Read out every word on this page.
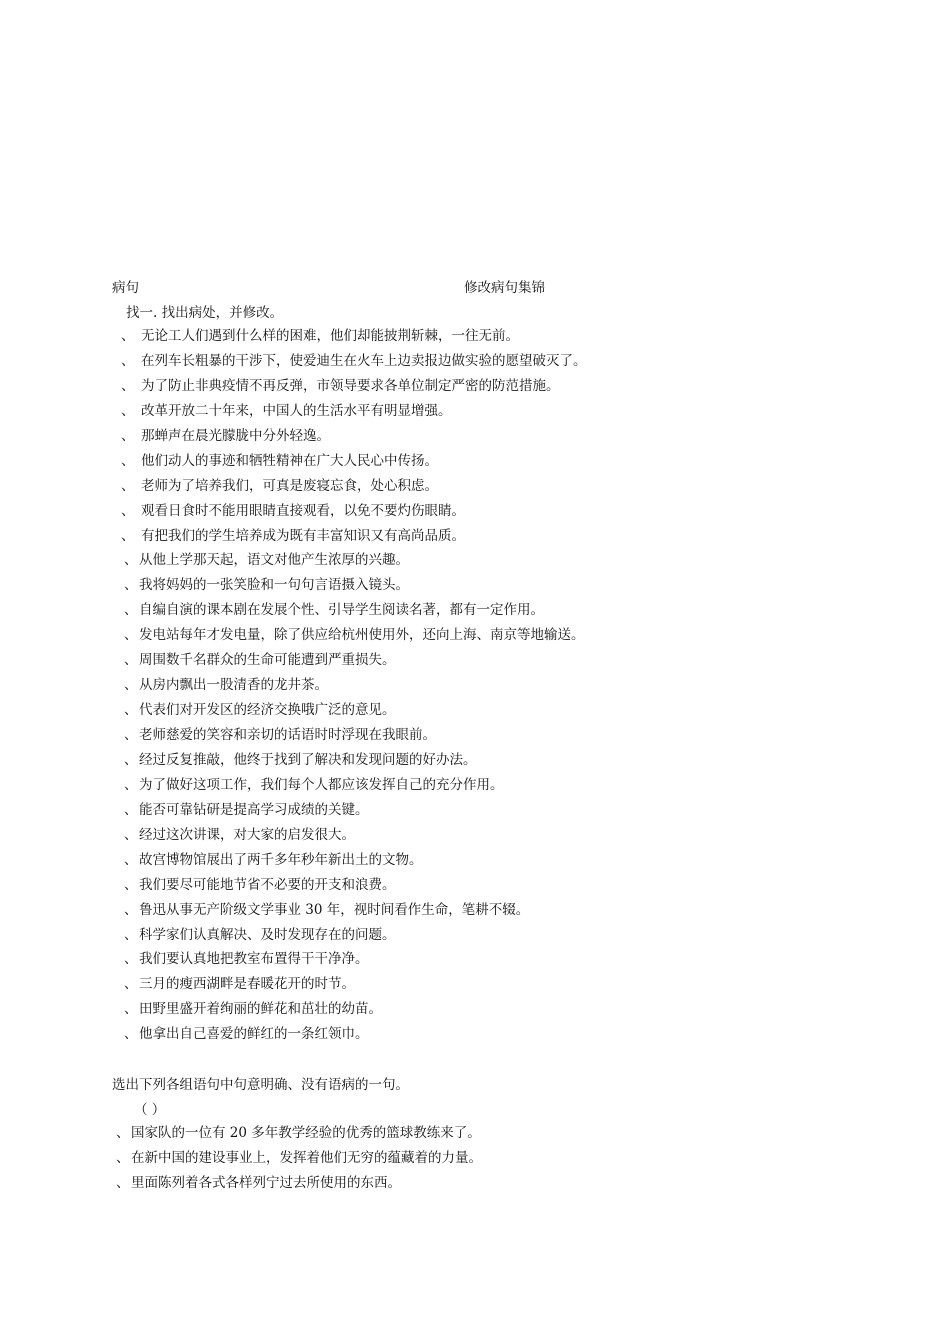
病句	修改病句集锦
找一. 找出病处，并修改。
、 无论工人们遇到什么样的困难，他们却能披荆斩棘，一往无前。
、 在列车长粗暴的干涉下，使爱迪生在火车上边卖报边做实验的愿望破灭了。
、 为了防止非典疫情不再反弹，市领导要求各单位制定严密的防范措施。
、 改革开放二十年来，中国人的生活水平有明显增强。
、 那蝉声在晨光朦胧中分外轻逸。
、 他们动人的事迹和牺牲精神在广大人民心中传扬。
、 老师为了培养我们，可真是废寝忘食，处心积虑。
、 观看日食时不能用眼睛直接观看，以免不要灼伤眼睛。
、 有把我们的学生培养成为既有丰富知识又有高尚品质。
、 从他上学那天起，语文对他产生浓厚的兴趣。
、 我将妈妈的一张笑脸和一句句言语摄入镜头。
、 自编自演的课本剧在发展个性、引导学生阅读名著，都有一定作用。
、 发电站每年才发电量，除了供应给杭州使用外，还向上海、南京等地输送。
、 周围数千名群众的生命可能遭到严重损失。
、 从房内飘出一股清香的龙井茶。
、 代表们对开发区的经济交换哦广泛的意见。
、 老师慈爱的笑容和亲切的话语时时浮现在我眼前。
、 经过反复推敲，他终于找到了解决和发现问题的好办法。
、 为了做好这项工作，我们每个人都应该发挥自己的充分作用。
、 能否可靠钻研是提高学习成绩的关键。
、 经过这次讲课，对大家的启发很大。
、 故宫博物馆展出了两千多年秒年新出土的文物。
、 我们要尽可能地节省不必要的开支和浪费。
、 鲁迅从事无产阶级文学事业 30 年，视时间看作生命，笔耕不辍。
、 科学家们认真解决、及时发现存在的问题。
、 我们要认真地把教室布置得干干净净。
、 三月的瘦西湖畔是春暖花开的时节。
、 田野里盛开着绚丽的鲜花和茁壮的幼苗。
、 他拿出自己喜爱的鲜红的一条红领巾。
选出下列各组语句中句意明确、没有语病的一句。
（ ）
、 国家队的一位有 20 多年教学经验的优秀的篮球教练来了。
、 在新中国的建设事业上，发挥着他们无穷的蕴藏着的力量。
、 里面陈列着各式各样列宁过去所使用的东西。
